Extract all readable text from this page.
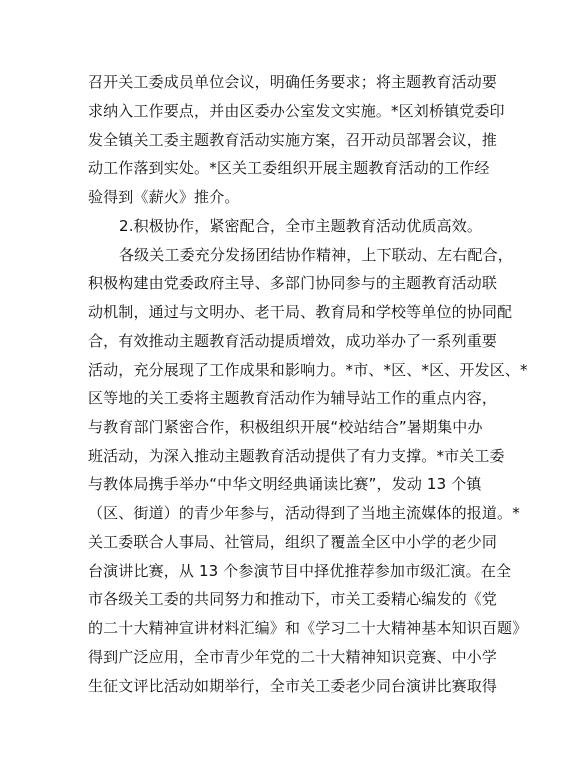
召开关工委成员单位会议，明确任务要求；将主题教育活动要
求纳入工作要点，并由区委办公室发文实施。*区刘桥镇党委印
发全镇关工委主题教育活动实施方案，召开动员部署会议，推
动工作落到实处。*区关工委组织开展主题教育活动的工作经
验得到《薪火》推介。
2.积极协作，紧密配合，全市主题教育活动优质高效。
各级关工委充分发扬团结协作精神，上下联动、左右配合，
积极构建由党委政府主导、多部门协同参与的主题教育活动联
动机制，通过与文明办、老干局、教育局和学校等单位的协同配
合，有效推动主题教育活动提质增效，成功举办了一系列重要
活动，充分展现了工作成果和影响力。*市、*区、*区、开发区、*
区等地的关工委将主题教育活动作为辅导站工作的重点内容，
与教育部门紧密合作，积极组织开展“校站结合”暑期集中办
班活动，为深入推动主题教育活动提供了有力支撑。*市关工委
与教体局携手举办“中华文明经典诵读比赛”，发动 13 个镇
（区、街道）的青少年参与，活动得到了当地主流媒体的报道。*
关工委联合人事局、社管局，组织了覆盖全区中小学的老少同
台演讲比赛，从 13 个参演节目中择优推荐参加市级汇演。在全
市各级关工委的共同努力和推动下，市关工委精心编发的《党
的二十大精神宣讲材料汇编》和《学习二十大精神基本知识百题》
得到广泛应用，全市青少年党的二十大精神知识竞赛、中小学
生征文评比活动如期举行，全市关工委老少同台演讲比赛取得
